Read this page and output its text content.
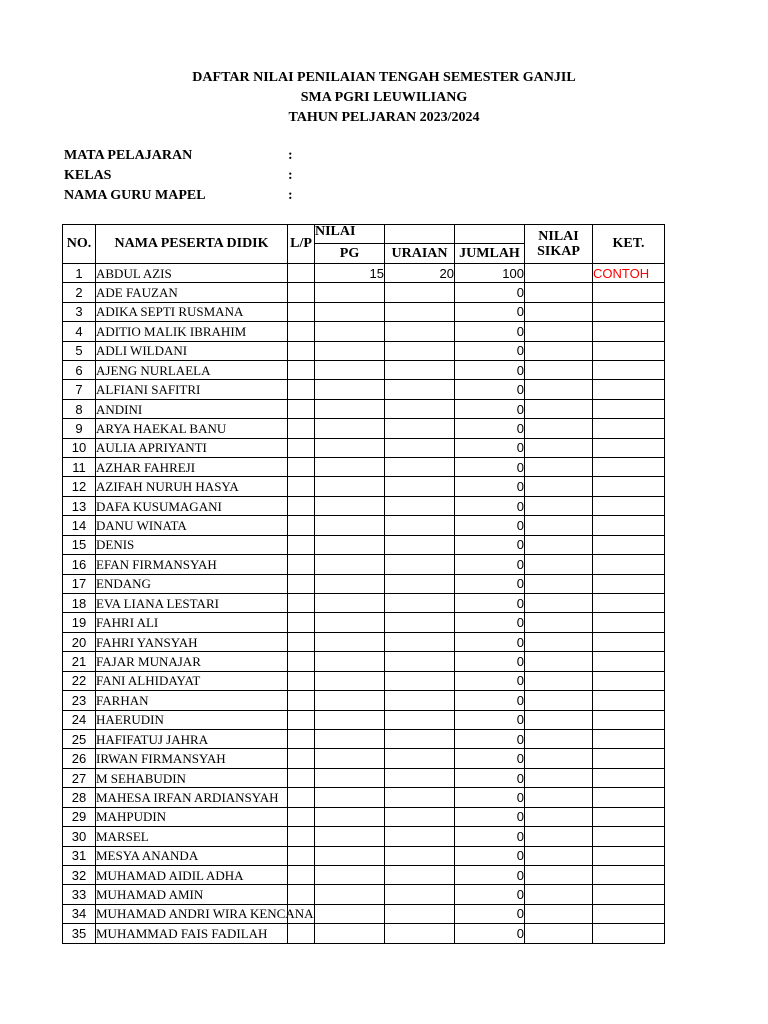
DAFTAR NILAI PENILAIAN TENGAH SEMESTER GANJIL
SMA PGRI LEUWILIANG
TAHUN PELJARAN 2023/2024
MATA PELAJARAN	:
KELAS	:
NAMA GURU MAPEL	:
NO.	NAMA PESERTA DIDIK	L/P	NILAI			NILAI SIKAP	KET.
			PG	URAIAN	JUMLAH		
1	ABDUL AZIS		15	20	100		CONTOH
2	ADE FAUZAN				0		
3	ADIKA SEPTI RUSMANA				0		
4	ADITIO MALIK IBRAHIM				0		
5	ADLI WILDANI				0		
6	AJENG NURLAELA				0		
7	ALFIANI SAFITRI				0		
8	ANDINI				0		
9	ARYA HAEKAL BANU				0		
10	AULIA APRIYANTI				0		
11	AZHAR FAHREJI				0		
12	AZIFAH NURUH HASYA				0		
13	DAFA KUSUMAGANI				0		
14	DANU WINATA				0		
15	DENIS				0		
16	EFAN FIRMANSYAH				0		
17	ENDANG				0		
18	EVA LIANA LESTARI				0		
19	FAHRI ALI				0		
20	FAHRI YANSYAH				0		
21	FAJAR MUNAJAR				0		
22	FANI ALHIDAYAT				0		
23	FARHAN				0		
24	HAERUDIN				0		
25	HAFIFATUJ JAHRA				0		
26	IRWAN FIRMANSYAH				0		
27	M SEHABUDIN				0		
28	MAHESA IRFAN ARDIANSYAH				0		
29	MAHPUDIN				0		
30	MARSEL				0		
31	MESYA ANANDA				0		
32	MUHAMAD AIDIL ADHA				0		
33	MUHAMAD AMIN				0		
34	MUHAMAD ANDRI WIRA KENCANA				0		
35	MUHAMMAD FAIS FADILAH				0		
